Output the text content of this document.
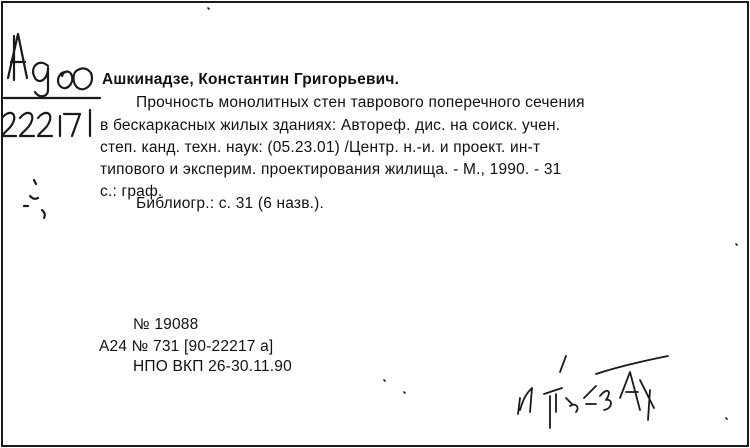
Ашкинадзе, Константин Григорьевич.
Прочность монолитных стен таврового поперечного сечения
в бескаркасных жилых зданиях: Автореф. дис. на соиск. учен.
степ. канд. техн. наук: (05.23.01) /Центр. н.-и. и проект. ин-т
типового и эксперим. проектирования жилища. - М., 1990. - 31
с.: граф.
Библиогр.: с. 31 (6 назв.).
№ 19088
А24 № 731 [90-22217 а]
НПО ВКП 26-30.11.90
